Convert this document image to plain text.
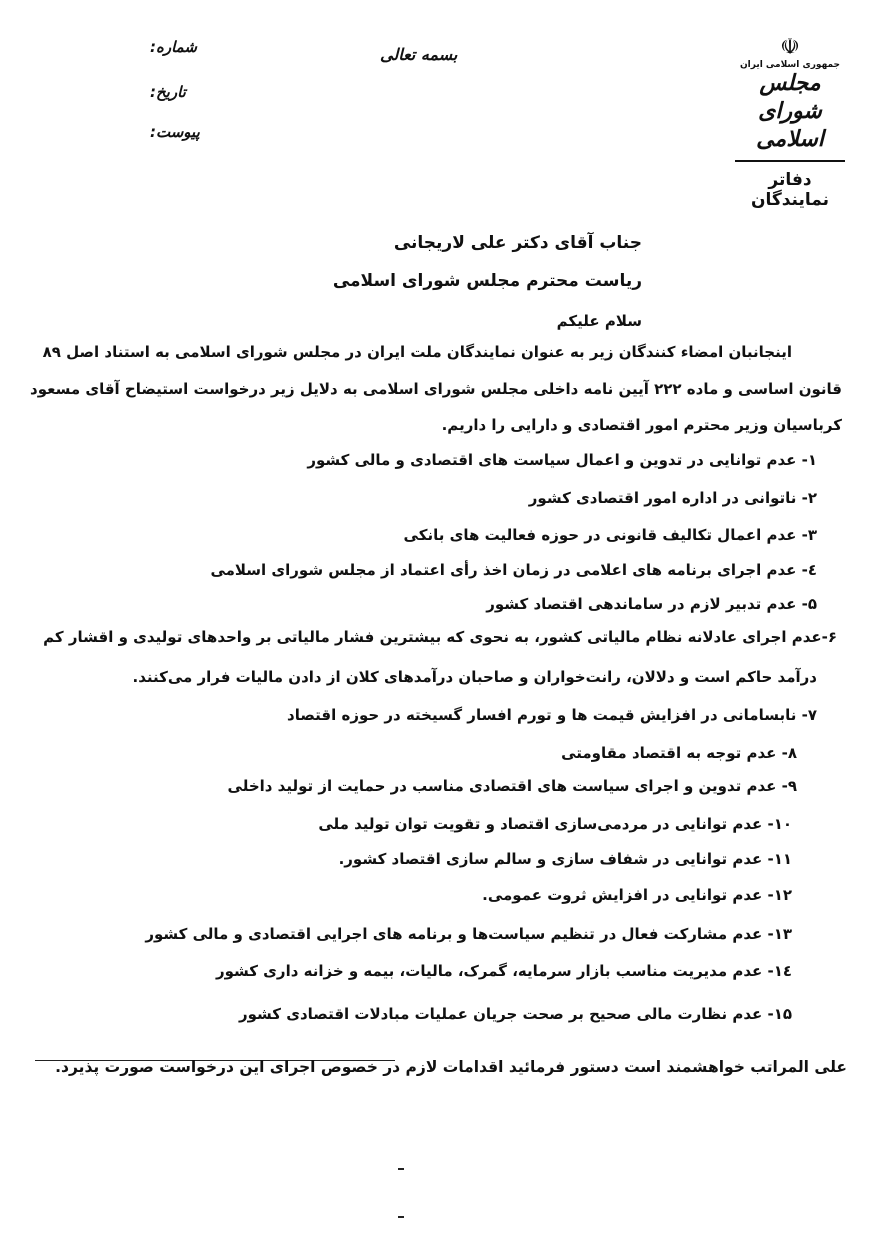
☫
جمهوری اسلامی ایران
مجلس شورای اسلامی
دفاتر نمایندگان
بسمه تعالی
شماره:
تاریخ:
پیوست:
جناب آقای دکتر علی لاریجانی
ریاست محترم مجلس شورای اسلامی
سلام علیکم
اینجانبان امضاء کنندگان زیر به عنوان نمایندگان ملت ایران در مجلس شورای اسلامی به استناد اصل ۸۹
قانون اساسی و ماده ۲۲۲ آیین نامه داخلی مجلس شورای اسلامی به دلایل زیر درخواست استیضاح آقای مسعود
کرباسیان وزیر محترم امور اقتصادی و دارایی را داریم.
۱- عدم توانایی در تدوین و اعمال سیاست های اقتصادی و مالی کشور
۲- ناتوانی در اداره امور اقتصادی کشور
۳- عدم اعمال تکالیف قانونی در حوزه فعالیت های بانکی
٤- عدم اجرای برنامه های اعلامی در زمان اخذ رأی اعتماد از مجلس شورای اسلامی
۵- عدم تدبیر لازم در ساماندهی اقتصاد کشور
۶-عدم اجرای عادلانه نظام مالیاتی کشور، به نحوی که بیشترین فشار مالیاتی بر واحدهای تولیدی و اقشار کم
درآمد حاکم است و دلالان، رانت‌خواران و صاحبان درآمدهای کلان از دادن مالیات فرار می‌کنند.
۷- نابسامانی در افزایش قیمت ها و تورم افسار گسیخته در حوزه اقتصاد
۸- عدم توجه به اقتصاد مقاومتی
۹- عدم تدوین و اجرای سیاست های اقتصادی مناسب در حمایت از تولید داخلی
۱۰- عدم توانایی در مردمی‌سازی اقتصاد و تقویت توان تولید ملی
۱۱- عدم توانایی در شفاف سازی و سالم سازی اقتصاد کشور.
۱۲- عدم توانایی در افزایش ثروت عمومی.
۱۳- عدم مشارکت فعال در تنظیم سیاست‌ها و برنامه های اجرایی اقتصادی و مالی کشور
۱٤- عدم مدیریت مناسب بازار سرمایه، گمرک، مالیات، بیمه و خزانه داری کشور
۱۵- عدم نظارت مالی صحیح بر صحت جریان عملیات مبادلات اقتصادی کشور
علی المراتب خواهشمند است دستور فرمائید اقدامات لازم در خصوص اجرای این درخواست صورت پذیرد.
